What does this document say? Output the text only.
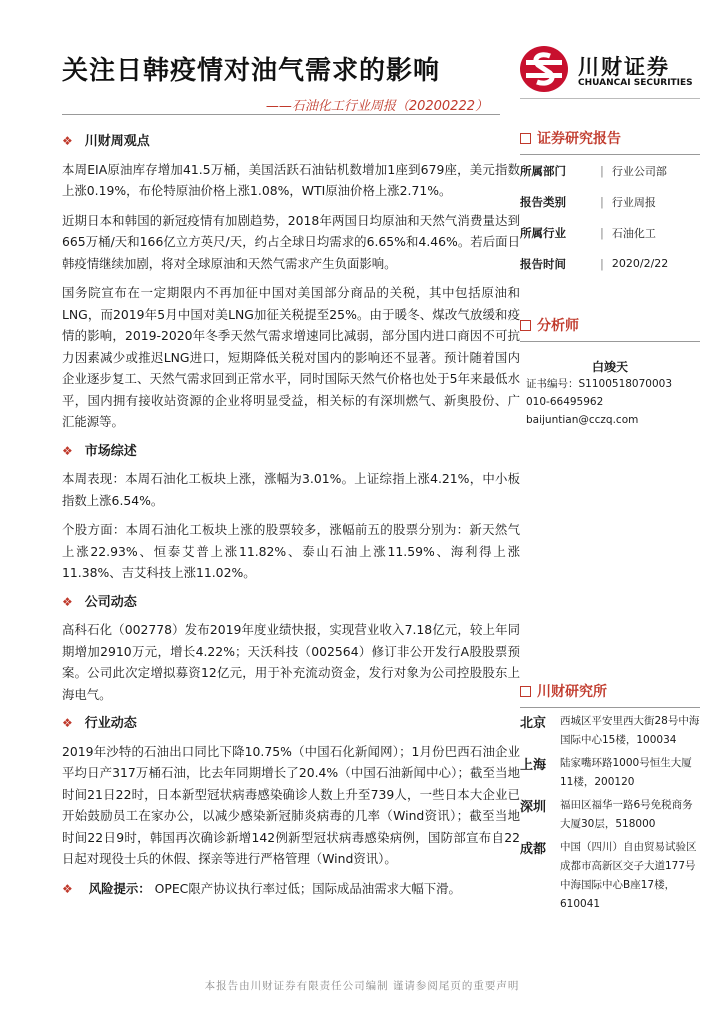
关注日韩疫情对油气需求的影响
——石油化工行业周报（20200222）
川财证券
CHUANCAI SECURITIES
❖ 川财周观点

本周EIA原油库存增加41.5万桶，美国活跃石油钻机数增加1座到679座，美元指数上涨0.19%，布伦特原油价格上涨1.08%，WTI原油价格上涨2.71%。

近期日本和韩国的新冠疫情有加剧趋势，2018年两国日均原油和天然气消费量达到665万桶/天和166亿立方英尺/天，约占全球日均需求的6.65%和4.46%。若后面日韩疫情继续加剧，将对全球原油和天然气需求产生负面影响。

国务院宣布在一定期限内不再加征中国对美国部分商品的关税，其中包括原油和LNG，而2019年5月中国对美LNG加征关税提至25%。由于暖冬、煤改气放缓和疫情的影响，2019-2020年冬季天然气需求增速同比减弱，部分国内进口商因不可抗力因素减少或推迟LNG进口，短期降低关税对国内的影响还不显著。预计随着国内企业逐步复工、天然气需求回到正常水平，同时国际天然气价格也处于5年来最低水平，国内拥有接收站资源的企业将明显受益，相关标的有深圳燃气、新奥股份、广汇能源等。

❖ 市场综述

本周表现：本周石油化工板块上涨，涨幅为3.01%。上证综指上涨4.21%，中小板指数上涨6.54%。

个股方面：本周石油化工板块上涨的股票较多，涨幅前五的股票分别为：新天然气上涨22.93%、恒泰艾普上涨11.82%、泰山石油上涨11.59%、海利得上涨11.38%、吉艾科技上涨11.02%。

❖ 公司动态

高科石化（002778）发布2019年度业绩快报，实现营业收入7.18亿元，较上年同期增加2910万元，增长4.22%；天沃科技（002564）修订非公开发行A股股票预案。公司此次定增拟募资12亿元，用于补充流动资金，发行对象为公司控股股东上海电气。

❖ 行业动态

2019年沙特的石油出口同比下降10.75%（中国石化新闻网）；1月份巴西石油企业平均日产317万桶石油，比去年同期增长了20.4%（中国石油新闻中心）；截至当地时间21日22时，日本新型冠状病毒感染确诊人数上升至739人，一些日本大企业已开始鼓励员工在家办公，以减少感染新冠肺炎病毒的几率（Wind资讯）；截至当地时间22日9时，韩国再次确诊新增142例新型冠状病毒感染病例，国防部宣布自22日起对现役士兵的休假、探亲等进行严格管理（Wind资讯）。

❖ 风险提示： OPEC限产协议执行率过低；国际成品油需求大幅下滑。
证券研究报告
所属部门	| 行业公司部
报告类别	| 行业周报
所属行业	| 石油化工
报告时间	| 2020/2/22
分析师
白竣天
证书编号：S1100518070003
010-66495962
baijuntian@cczq.com
川财研究所
北京	西城区平安里西大街28号中海国际中心15楼，100034
上海	陆家嘴环路1000号恒生大厦11楼，200120
深圳	福田区福华一路6号免税商务大厦30层，518000
成都	中国（四川）自由贸易试验区成都市高新区交子大道177号中海国际中心B座17楼，610041
本报告由川财证券有限责任公司编制 谨请参阅尾页的重要声明
